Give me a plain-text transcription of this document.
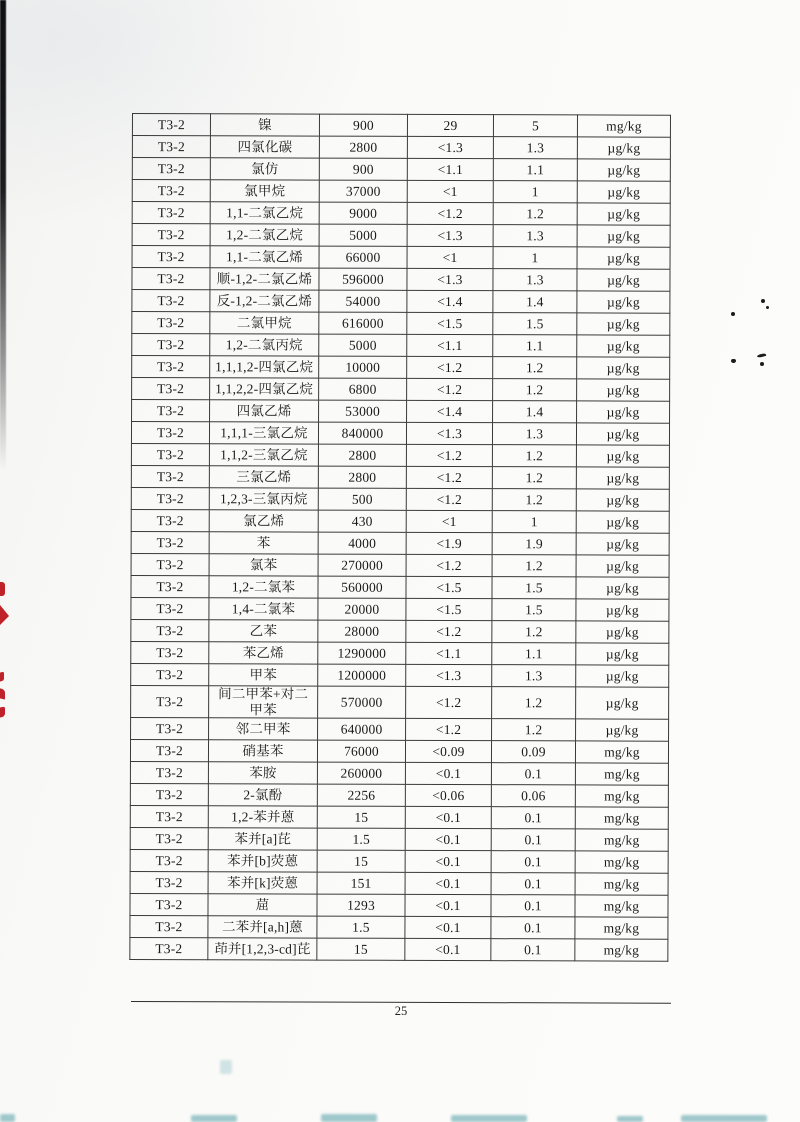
T3-2	镍	900	29	5	mg/kg
T3-2	四氯化碳	2800	<1.3	1.3	µg/kg
T3-2	氯仿	900	<1.1	1.1	µg/kg
T3-2	氯甲烷	37000	<1	1	µg/kg
T3-2	1,1-二氯乙烷	9000	<1.2	1.2	µg/kg
T3-2	1,2-二氯乙烷	5000	<1.3	1.3	µg/kg
T3-2	1,1-二氯乙烯	66000	<1	1	µg/kg
T3-2	顺-1,2-二氯乙烯	596000	<1.3	1.3	µg/kg
T3-2	反-1,2-二氯乙烯	54000	<1.4	1.4	µg/kg
T3-2	二氯甲烷	616000	<1.5	1.5	µg/kg
T3-2	1,2-二氯丙烷	5000	<1.1	1.1	µg/kg
T3-2	1,1,1,2-四氯乙烷	10000	<1.2	1.2	µg/kg
T3-2	1,1,2,2-四氯乙烷	6800	<1.2	1.2	µg/kg
T3-2	四氯乙烯	53000	<1.4	1.4	µg/kg
T3-2	1,1,1-三氯乙烷	840000	<1.3	1.3	µg/kg
T3-2	1,1,2-三氯乙烷	2800	<1.2	1.2	µg/kg
T3-2	三氯乙烯	2800	<1.2	1.2	µg/kg
T3-2	1,2,3-三氯丙烷	500	<1.2	1.2	µg/kg
T3-2	氯乙烯	430	<1	1	µg/kg
T3-2	苯	4000	<1.9	1.9	µg/kg
T3-2	氯苯	270000	<1.2	1.2	µg/kg
T3-2	1,2-二氯苯	560000	<1.5	1.5	µg/kg
T3-2	1,4-二氯苯	20000	<1.5	1.5	µg/kg
T3-2	乙苯	28000	<1.2	1.2	µg/kg
T3-2	苯乙烯	1290000	<1.1	1.1	µg/kg
T3-2	甲苯	1200000	<1.3	1.3	µg/kg
T3-2	间二甲苯+对二甲苯	570000	<1.2	1.2	µg/kg
T3-2	邻二甲苯	640000	<1.2	1.2	µg/kg
T3-2	硝基苯	76000	<0.09	0.09	mg/kg
T3-2	苯胺	260000	<0.1	0.1	mg/kg
T3-2	2-氯酚	2256	<0.06	0.06	mg/kg
T3-2	1,2-苯并蒽	15	<0.1	0.1	mg/kg
T3-2	苯并[a]芘	1.5	<0.1	0.1	mg/kg
T3-2	苯并[b]荧蒽	15	<0.1	0.1	mg/kg
T3-2	苯并[k]荧蒽	151	<0.1	0.1	mg/kg
T3-2	䓛	1293	<0.1	0.1	mg/kg
T3-2	二苯并[a,h]蒽	1.5	<0.1	0.1	mg/kg
T3-2	茚并[1,2,3-cd]芘	15	<0.1	0.1	mg/kg
25
